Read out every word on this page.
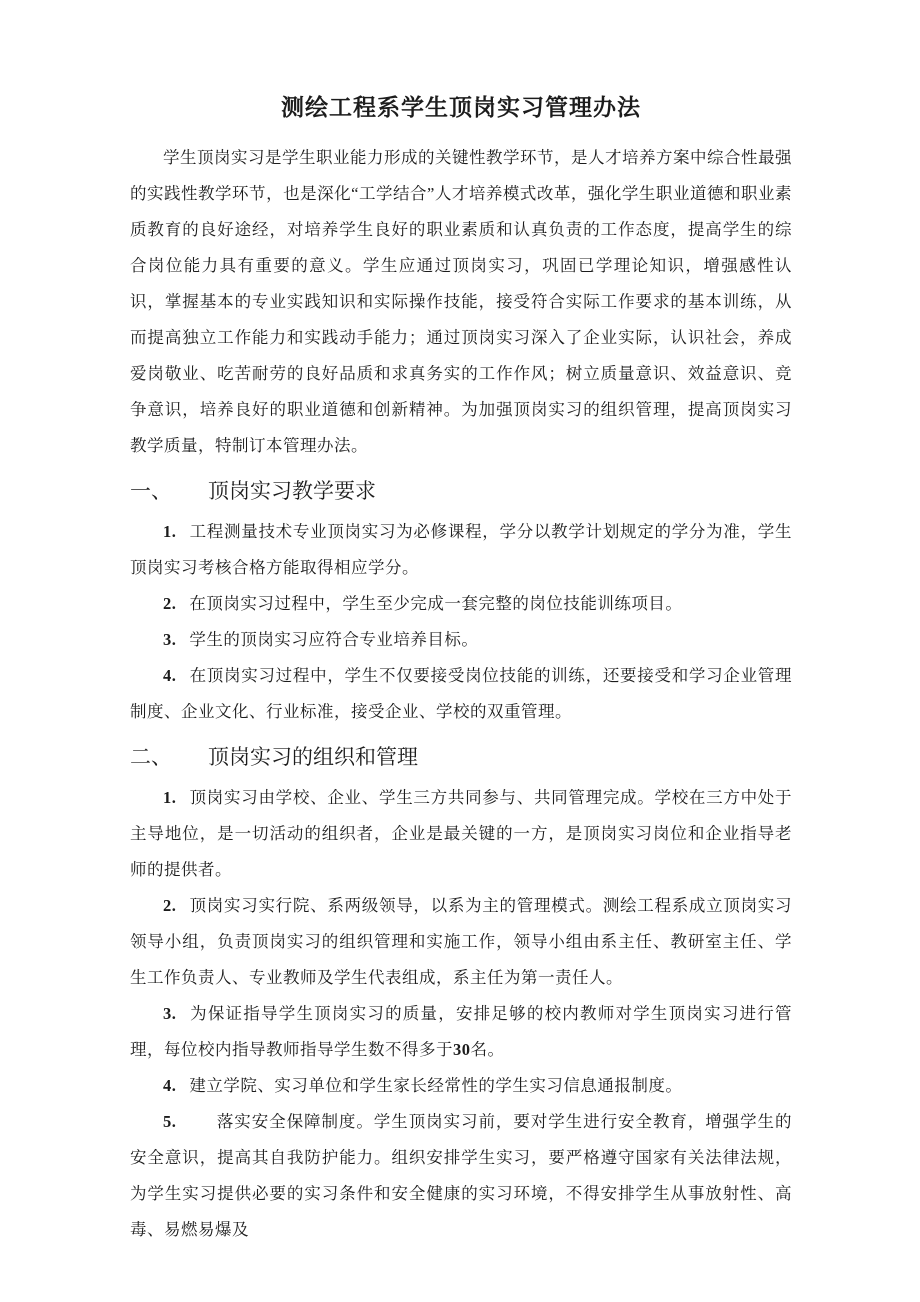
测绘工程系学生顶岗实习管理办法

学生顶岗实习是学生职业能力形成的关键性教学环节，是人才培养方案中综合性最强的实践性教学环节，也是深化“工学结合”人才培养模式改革，强化学生职业道德和职业素质教育的良好途经，对培养学生良好的职业素质和认真负责的工作态度，提高学生的综合岗位能力具有重要的意义。学生应通过顶岗实习，巩固已学理论知识，增强感性认识，掌握基本的专业实践知识和实际操作技能，接受符合实际工作要求的基本训练，从而提高独立工作能力和实践动手能力；通过顶岗实习深入了企业实际，认识社会，养成爱岗敬业、吃苦耐劳的良好品质和求真务实的工作作风；树立质量意识、效益意识、竞争意识，培养良好的职业道德和创新精神。为加强顶岗实习的组织管理，提高顶岗实习教学质量，特制订本管理办法。

一、 顶岗实习教学要求

1. 工程测量技术专业顶岗实习为必修课程，学分以教学计划规定的学分为准，学生顶岗实习考核合格方能取得相应学分。

2. 在顶岗实习过程中，学生至少完成一套完整的岗位技能训练项目。

3. 学生的顶岗实习应符合专业培养目标。

4. 在顶岗实习过程中，学生不仅要接受岗位技能的训练，还要接受和学习企业管理制度、企业文化、行业标准，接受企业、学校的双重管理。

二、 顶岗实习的组织和管理

1. 顶岗实习由学校、企业、学生三方共同参与、共同管理完成。学校在三方中处于主导地位，是一切活动的组织者，企业是最关键的一方，是顶岗实习岗位和企业指导老师的提供者。

2. 顶岗实习实行院、系两级领导，以系为主的管理模式。测绘工程系成立顶岗实习领导小组，负责顶岗实习的组织管理和实施工作，领导小组由系主任、教研室主任、学生工作负责人、专业教师及学生代表组成，系主任为第一责任人。

3. 为保证指导学生顶岗实习的质量，安排足够的校内教师对学生顶岗实习进行管理，每位校内指导教师指导学生数不得多于30名。

4. 建立学院、实习单位和学生家长经常性的学生实习信息通报制度。

5. 落实安全保障制度。学生顶岗实习前，要对学生进行安全教育，增强学生的安全意识，提高其自我防护能力。组织安排学生实习，要严格遵守国家有关法律法规，为学生实习提供必要的实习条件和安全健康的实习环境，不得安排学生从事放射性、高毒、易燃易爆及
